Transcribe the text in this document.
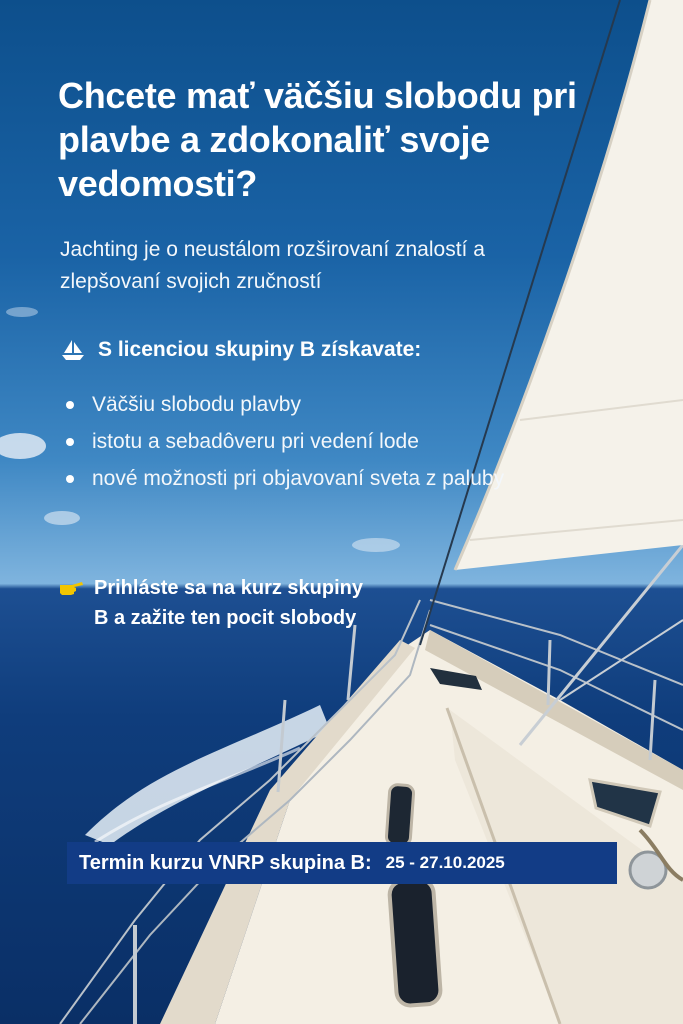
Chcete mať väčšiu slobodu pri plavbe a zdokonaliť svoje vedomosti?

Jachting je o neustálom rozširovaní znalostí a zlepšovaní svojich zručností

S licenciou skupiny B získavate:
Väčšiu slobodu plavby
istotu a sebadôveru pri vedení lode
nové možnosti pri objavovaní sveta z paluby

Prihláste sa na kurz skupiny B a zažite ten pocit slobody

Termin kurzu VNRP skupina B: 25 - 27.10.2025
